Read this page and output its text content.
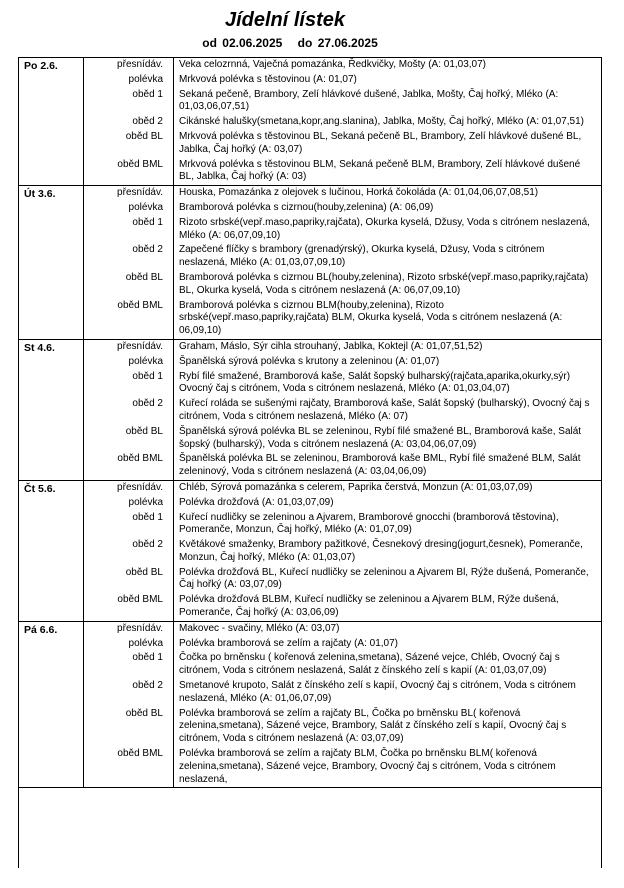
Jídelní lístek
od 02.06.2025 do 27.06.2025
Po 2.6.	přesnídáv.	Veka celozrnná, Vaječná pomazánka, Ředkvičky, Mošty (A: 01,03,07)
polévka	Mrkvová polévka s těstovinou (A: 01,07)
oběd 1	Sekaná pečeně, Brambory, Zelí hlávkové dušené, Jablka, Mošty, Čaj hořký, Mléko (A: 01,03,06,07,51)
oběd 2	Cikánské halušky(smetana,kopr,ang.slanina), Jablka, Mošty, Čaj hořký, Mléko (A: 01,07,51)
oběd BL	Mrkvová polévka s těstovinou BL, Sekaná pečeně BL, Brambory, Zelí hlávkové dušené BL, Jablka, Čaj hořký (A: 03,07)
oběd BML	Mrkvová polévka s těstovinou BLM, Sekaná pečeně BLM, Brambory, Zelí hlávkové dušené BL, Jablka, Čaj hořký (A: 03)
Út 3.6.	přesnídáv.	Houska, Pomazánka z olejovek s lučinou, Horká čokoláda (A: 01,04,06,07,08,51)
polévka	Bramborová polévka s cizrnou(houby,zelenina) (A: 06,09)
oběd 1	Rizoto srbské(vepř.maso,papriky,rajčata), Okurka kyselá, Džusy, Voda s citrónem neslazená, Mléko (A: 06,07,09,10)
oběd 2	Zapečené flíčky s brambory (grenadýrský), Okurka kyselá, Džusy, Voda s citrónem neslazená, Mléko (A: 01,03,07,09,10)
oběd BL	Bramborová polévka s cizrnou BL(houby,zelenina), Rizoto srbské(vepř.maso,papriky,rajčata) BL, Okurka kyselá, Voda s citrónem neslazená (A: 06,07,09,10)
oběd BML	Bramborová polévka s cizrnou BLM(houby,zelenina), Rizoto srbské(vepř.maso,papriky,rajčata) BLM, Okurka kyselá, Voda s citrónem neslazená (A: 06,09,10)
St 4.6.	přesnídáv.	Graham, Máslo, Sýr cihla strouhaný, Jablka, Koktejl (A: 01,07,51,52)
polévka	Španělská sýrová polévka s krutony a zeleninou (A: 01,07)
oběd 1	Rybí filé smažené, Bramborová kaše, Salát šopský bulharský(rajčata,aparika,okurky,sýr) Ovocný čaj s citrónem, Voda s citrónem neslazená, Mléko (A: 01,03,04,07)
oběd 2	Kuřecí roláda se sušenými rajčaty, Bramborová kaše, Salát šopský (bulharský), Ovocný čaj s citrónem, Voda s citrónem neslazená, Mléko (A: 07)
oběd BL	Španělská sýrová polévka BL se zeleninou, Rybí filé smažené BL, Bramborová kaše, Salát šopský (bulharský), Voda s citrónem neslazená (A: 03,04,06,07,09)
oběd BML	Španělská polévka BL se zeleninou, Bramborová kaše BML, Rybí filé smažené BLM, Salát zeleninový, Voda s citrónem neslazená (A: 03,04,06,09)
Čt 5.6.	přesnídáv.	Chléb, Sýrová pomazánka s celerem, Paprika čerstvá, Monzun (A: 01,03,07,09)
polévka	Polévka drožďová (A: 01,03,07,09)
oběd 1	Kuřecí nudličky se zeleninou a Ajvarem, Bramborové gnocchi (bramborová těstovina), Pomeranče, Monzun, Čaj hořký, Mléko (A: 01,07,09)
oběd 2	Květákové smaženky, Brambory pažitkové, Česnekový dresing(jogurt,česnek), Pomeranče, Monzun, Čaj hořký, Mléko (A: 01,03,07)
oběd BL	Polévka drožďová BL, Kuřecí nudličky se zeleninou a Ajvarem Bl, Rýže dušená, Pomeranče, Čaj hořký (A: 03,07,09)
oběd BML	Polévka drožďová BLBM, Kuřecí nudličky se zeleninou a Ajvarem BLM, Rýže dušená, Pomeranče, Čaj hořký (A: 03,06,09)
Pá 6.6.	přesnídáv.	Makovec - svačiny, Mléko (A: 03,07)
polévka	Polévka bramborová se zelím a rajčaty (A: 01,07)
oběd 1	Čočka po brněnsku ( kořenová zelenina,smetana), Sázené vejce, Chléb, Ovocný čaj s citrónem, Voda s citrónem neslazená, Salát z čínského zelí s kapií (A: 01,03,07,09)
oběd 2	Smetanové krupoto, Salát z čínského zelí s kapií, Ovocný čaj s citrónem, Voda s citrónem neslazená, Mléko (A: 01,06,07,09)
oběd BL	Polévka bramborová se zelím a rajčaty BL, Čočka po brněnsku BL( kořenová zelenina,smetana), Sázené vejce, Brambory, Salát z čínského zelí s kapií, Ovocný čaj s citrónem, Voda s citrónem neslazená (A: 03,07,09)
oběd BML	Polévka bramborová se zelím a rajčaty BLM, Čočka po brněnsku BLM( kořenová zelenina,smetana), Sázené vejce, Brambory, Ovocný čaj s citrónem, Voda s citrónem neslazená,
